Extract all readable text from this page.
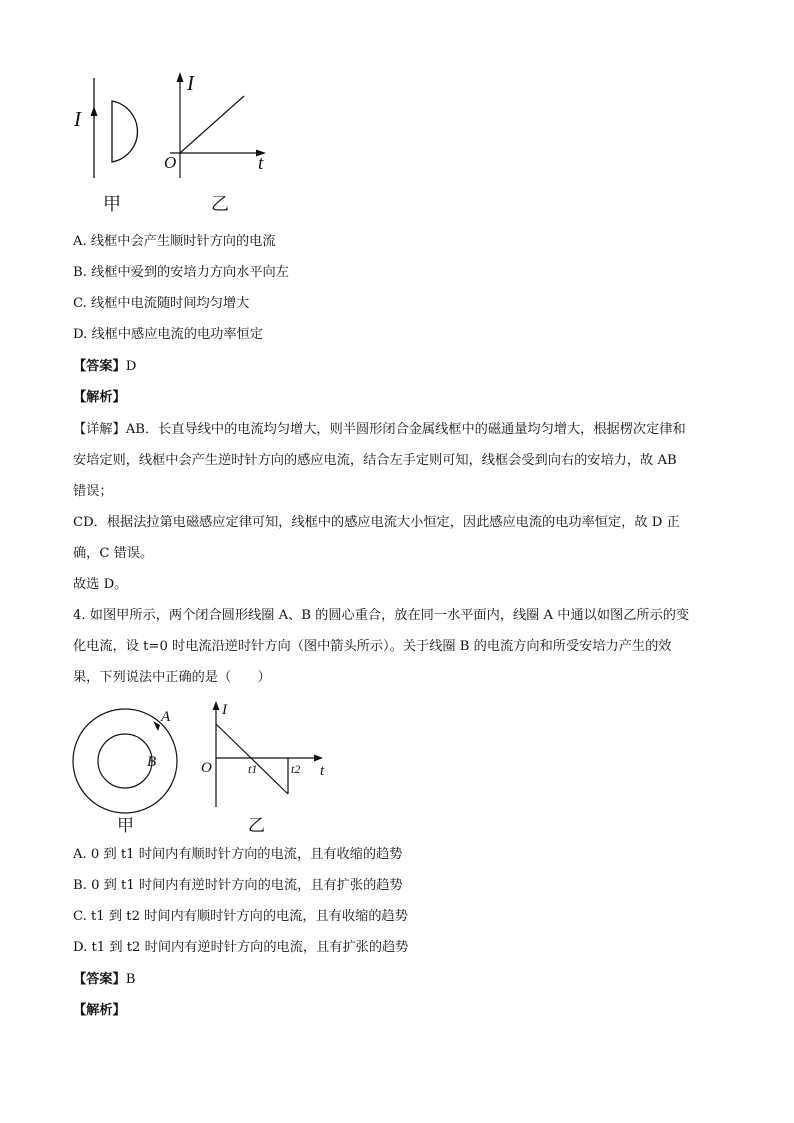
I
I
O	t
甲	乙
A. 线框中会产生顺时针方向的电流
B. 线框中爱到的安培力方向水平向左
C. 线框中电流随时间均匀增大
D. 线框中感应电流的电功率恒定
【答案】D
【解析】
【详解】AB．长直导线中的电流均匀增大，则半圆形闭合金属线框中的磁通量均匀增大，根据楞次定律和
安培定则，线框中会产生逆时针方向的感应电流，结合左手定则可知，线框会受到向右的安培力，故 AB
错误；
CD．根据法拉第电磁感应定律可知，线框中的感应电流大小恒定，因此感应电流的电功率恒定，故 D 正
确，C 错误。
故选 D。
4. 如图甲所示，两个闭合圆形线圈 A、B 的圆心重合，放在同一水平面内，线圈 A 中通以如图乙所示的变
化电流，设 t=0 时电流沿逆时针方向（图中箭头所示）。关于线圈 B 的电流方向和所受安培力产生的效
果，下列说法中正确的是（　　）
A
B
I
O	t1	t2 t
甲	乙
A. 0 到 t1 时间内有顺时针方向的电流，且有收缩的趋势
B. 0 到 t1 时间内有逆时针方向的电流，且有扩张的趋势
C. t1 到 t2 时间内有顺时针方向的电流，且有收缩的趋势
D. t1 到 t2 时间内有逆时针方向的电流，且有扩张的趋势
【答案】B
【解析】
